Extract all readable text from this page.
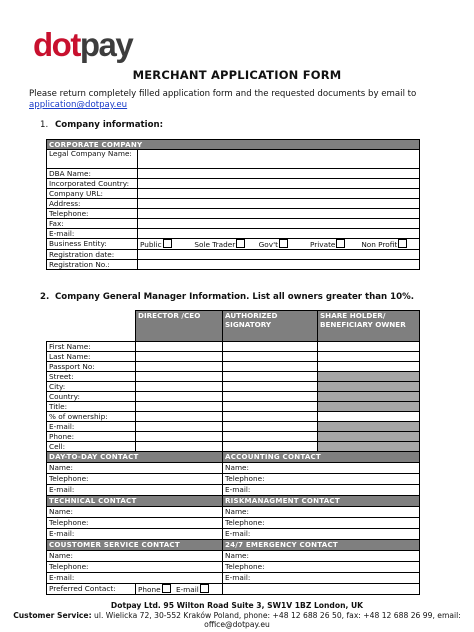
dotpay
MERCHANT APPLICATION FORM
Please return completely filled application form and the requested documents by email to
application@dotpay.eu
1. Company information:
CORPORATE COMPANY	
Legal Company Name:	
DBA Name:	
Incorporated Country:	
Company URL:	
Address:	
Telephone:	
Fax:	
E-mail:	
Business Entity:	Public Sole Trader Gov't Private Non Profit
Registration date:	
Registration No.:	
2. Company General Manager Information. List all owners greater than 10%.
	DIRECTOR /CEO	AUTHORIZED SIGNATORY	SHARE HOLDER/ BENEFICIARY OWNER
First Name:			
Last Name:			
Passport No:			
Street:			
City:			
Country:			
Title:			
% of ownership:			
E-mail:			
Phone:			
Cell:			
DAY-TO-DAY CONTACT		ACCOUNTING CONTACT
Name:		Name:
Telephone:		Telephone:
E-mail:		E-mail:
TECHNICAL CONTACT		RISKMANAGMENT CONTACT
Name:		Name:
Telephone:		Telephone:
E-mail:		E-mail:
COUSTOMER SERVICE CONTACT		24/7 EMERGENCY CONTACT
Name:		Name:
Telephone:		Telephone:
E-mail:		E-mail:
Preferred Contact:	Phone E-mail	
Dotpay Ltd. 95 Wilton Road Suite 3, SW1V 1BZ London, UK
Customer Service: ul. Wielicka 72, 30-552 Kraków Poland, phone: +48 12 688 26 50, fax: +48 12 688 26 99, email:
office@dotpay.eu
